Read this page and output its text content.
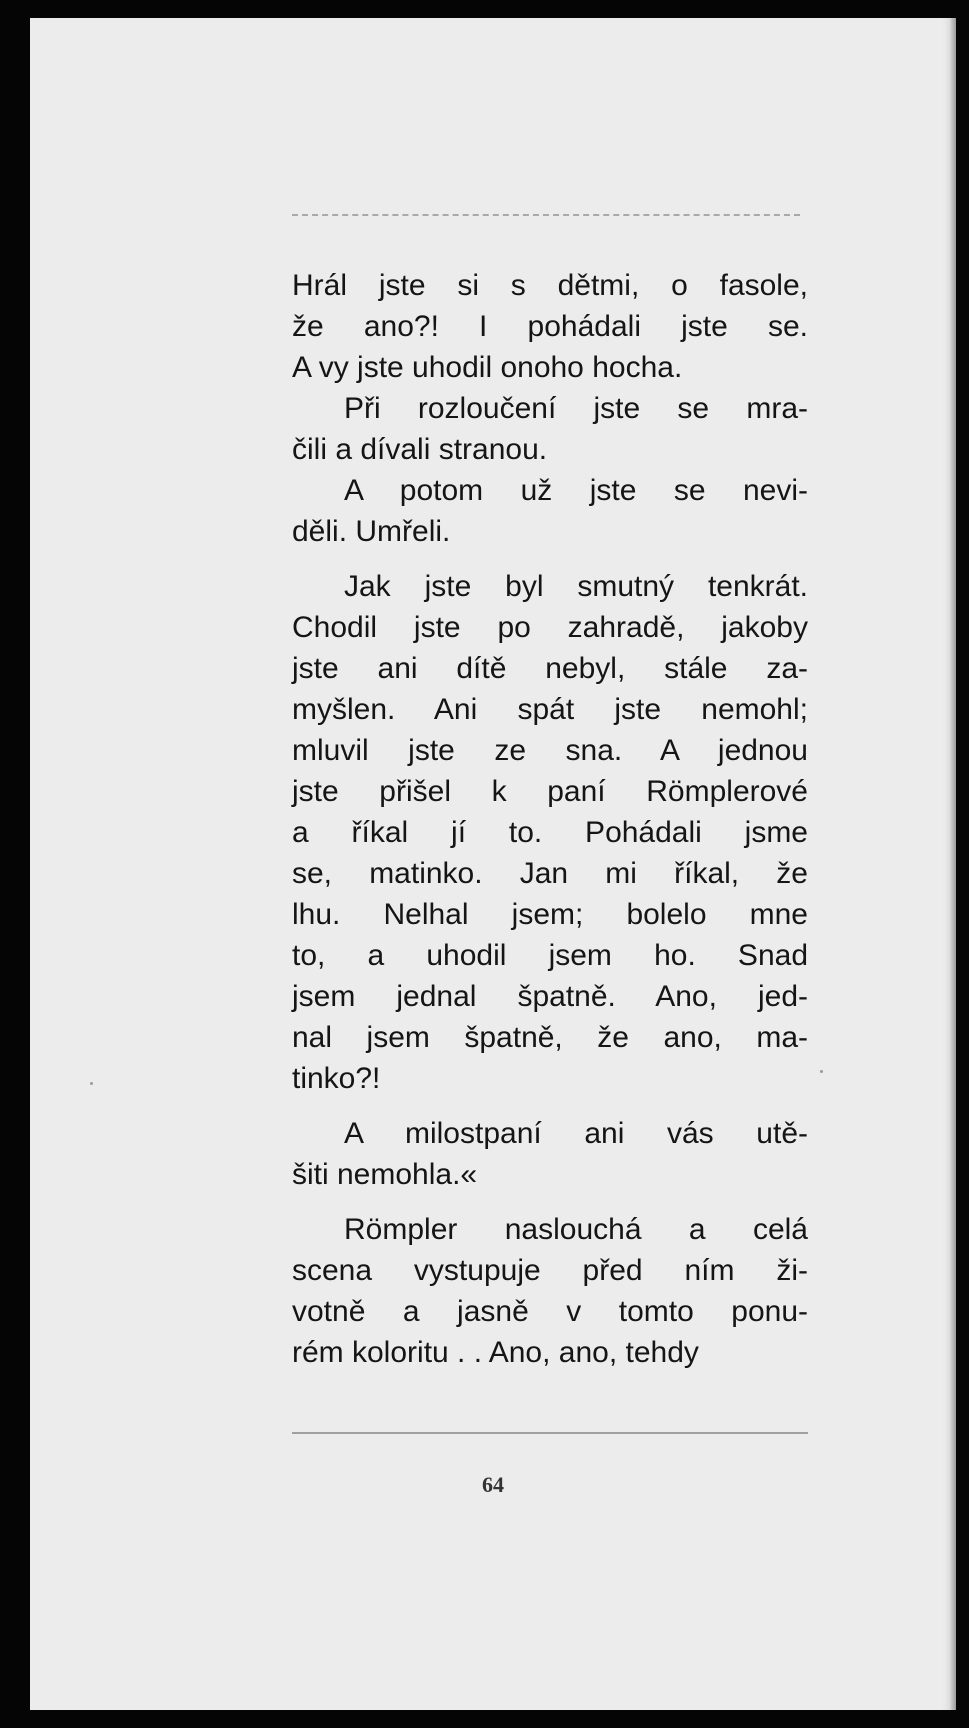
Hrál jste si s dětmi, o fasole,
že ano?! I pohádali jste se.
A vy jste uhodil onoho hocha.

Při rozloučení jste se mra-
čili a dívali stranou.

A potom už jste se nevi-
děli. Umřeli.

Jak jste byl smutný tenkrát.
Chodil jste po zahradě, jakoby
jste ani dítě nebyl, stále za-
myšlen. Ani spát jste nemohl;
mluvil jste ze sna. A jednou
jste přišel k paní Römplerové
a říkal jí to. Pohádali jsme
se, matinko. Jan mi říkal, že
lhu. Nelhal jsem; bolelo mne
to, a uhodil jsem ho. Snad
jsem jednal špatně. Ano, jed-
nal jsem špatně, že ano, ma-
tinko?!

A milostpaní ani vás utě-
šiti nemohla.«

Römpler naslouchá a celá
scena vystupuje před ním ži-
votně a jasně v tomto ponu-
rém koloritu . . Ano, ano, tehdy

64
